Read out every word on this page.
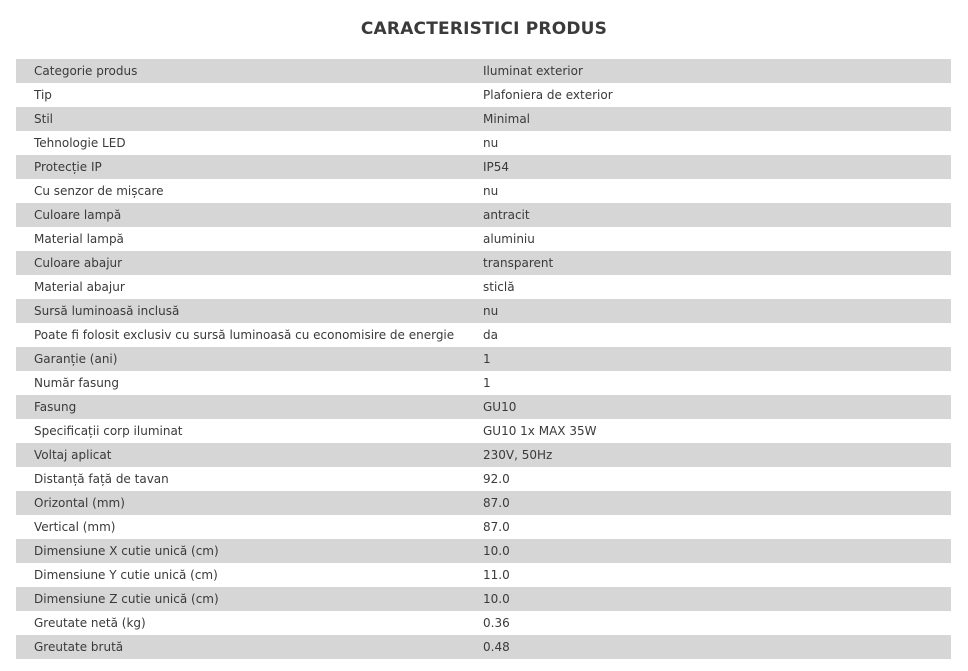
CARACTERISTICI PRODUS
Categorie produs	Iluminat exterior
Tip	Plafoniera de exterior
Stil	Minimal
Tehnologie LED	nu
Protecție IP	IP54
Cu senzor de mișcare	nu
Culoare lampă	antracit
Material lampă	aluminiu
Culoare abajur	transparent
Material abajur	sticlă
Sursă luminoasă inclusă	nu
Poate fi folosit exclusiv cu sursă luminoasă cu economisire de energie	da
Garanție (ani)	1
Număr fasung	1
Fasung	GU10
Specificații corp iluminat	GU10 1x MAX 35W
Voltaj aplicat	230V, 50Hz
Distanță față de tavan	92.0
Orizontal (mm)	87.0
Vertical (mm)	87.0
Dimensiune X cutie unică (cm)	10.0
Dimensiune Y cutie unică (cm)	11.0
Dimensiune Z cutie unică (cm)	10.0
Greutate netă (kg)	0.36
Greutate brută	0.48
